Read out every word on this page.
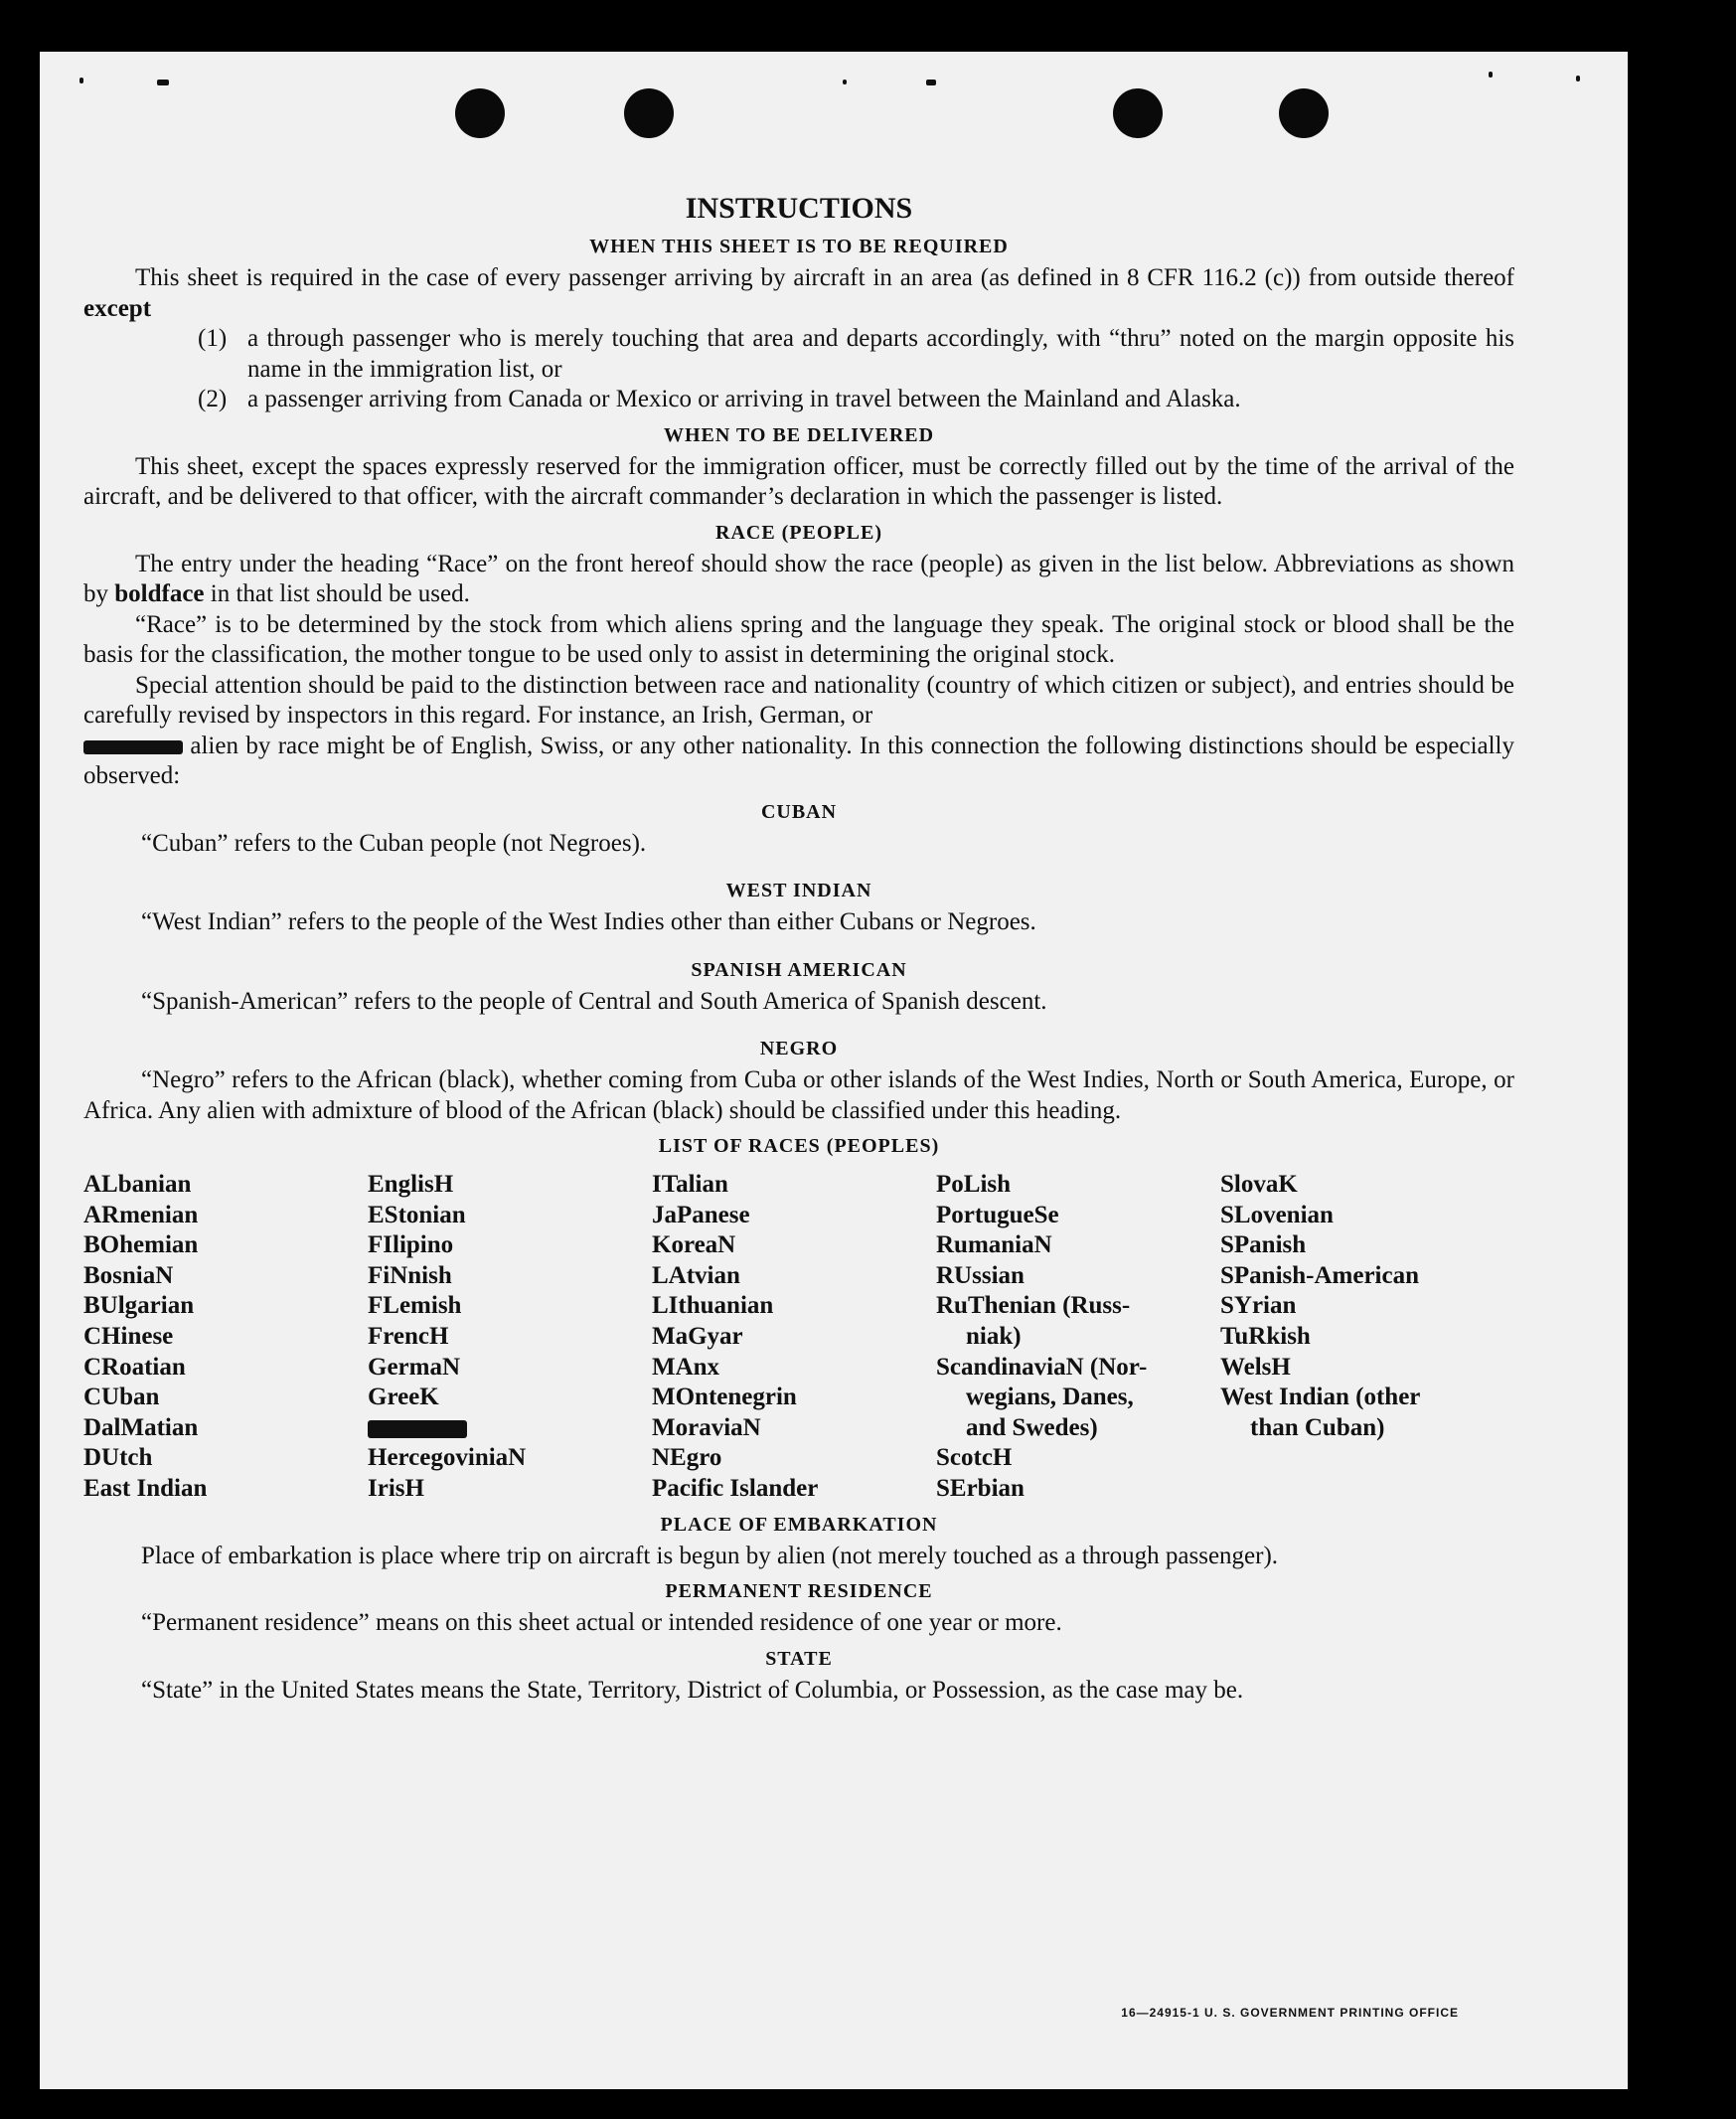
INSTRUCTIONS
WHEN THIS SHEET IS TO BE REQUIRED

This sheet is required in the case of every passenger arriving by aircraft in an area (as defined in 8 CFR 116.2 (c)) from outside thereof except

(1) a through passenger who is merely touching that area and departs accordingly, with “thru” noted on the margin opposite his name in the immigration list, or
(2) a passenger arriving from Canada or Mexico or arriving in travel between the Mainland and Alaska.
WHEN TO BE DELIVERED

This sheet, except the spaces expressly reserved for the immigration officer, must be correctly filled out by the time of the arrival of the aircraft, and be delivered to that officer, with the aircraft commander’s declaration in which the passenger is listed.

RACE (PEOPLE)

The entry under the heading “Race” on the front hereof should show the race (people) as given in the list below. Abbreviations as shown by boldface in that list should be used.

“Race” is to be determined by the stock from which aliens spring and the language they speak. The original stock or blood shall be the basis for the classification, the mother tongue to be used only to assist in determining the original stock.

Special attention should be paid to the distinction between race and nationality (country of which citizen or subject), and entries should be carefully revised by inspectors in this regard. For instance, an Irish, German, or
alien by race might be of English, Swiss, or any other nationality. In this connection the following distinctions should be especially observed:

CUBAN

“Cuban” refers to the Cuban people (not Negroes).

WEST INDIAN

“West Indian” refers to the people of the West Indies other than either Cubans or Negroes.

SPANISH AMERICAN

“Spanish-American” refers to the people of Central and South America of Spanish descent.

NEGRO

“Negro” refers to the African (black), whether coming from Cuba or other islands of the West Indies, North or South America, Europe, or Africa. Any alien with admixture of blood of the African (black) should be classified under this heading.

LIST OF RACES (PEOPLES)
ALbanian
ARmenian
BOhemian
BosniaN
BUlgarian
CHinese
CRoatian
CUban
DalMatian
DUtch
East Indian
EnglisH
EStonian
FIlipino
FiNnish
FLemish
FrencH
GermaN
GreeK
HercegoviniaN
IrisH
ITalian
JaPanese
KoreaN
LAtvian
LIthuanian
MaGyar
MAnx
MOntenegrin
MoraviaN
NEgro
Pacific Islander
PoLish
PortugueSe
RumaniaN
RUssian
RuThenian (Russ-
niak)
ScandinaviaN (Nor-
wegians, Danes,
and Swedes)
ScotcH
SErbian
SlovaK
SLovenian
SPanish
SPanish-American
SYrian
TuRkish
WelsH
West Indian (other
than Cuban)
PLACE OF EMBARKATION

Place of embarkation is place where trip on aircraft is begun by alien (not merely touched as a through passenger).

PERMANENT RESIDENCE

“Permanent residence” means on this sheet actual or intended residence of one year or more.

STATE

“State” in the United States means the State, Territory, District of Columbia, or Possession, as the case may be.

16—24915-1 U. S. GOVERNMENT PRINTING OFFICE
